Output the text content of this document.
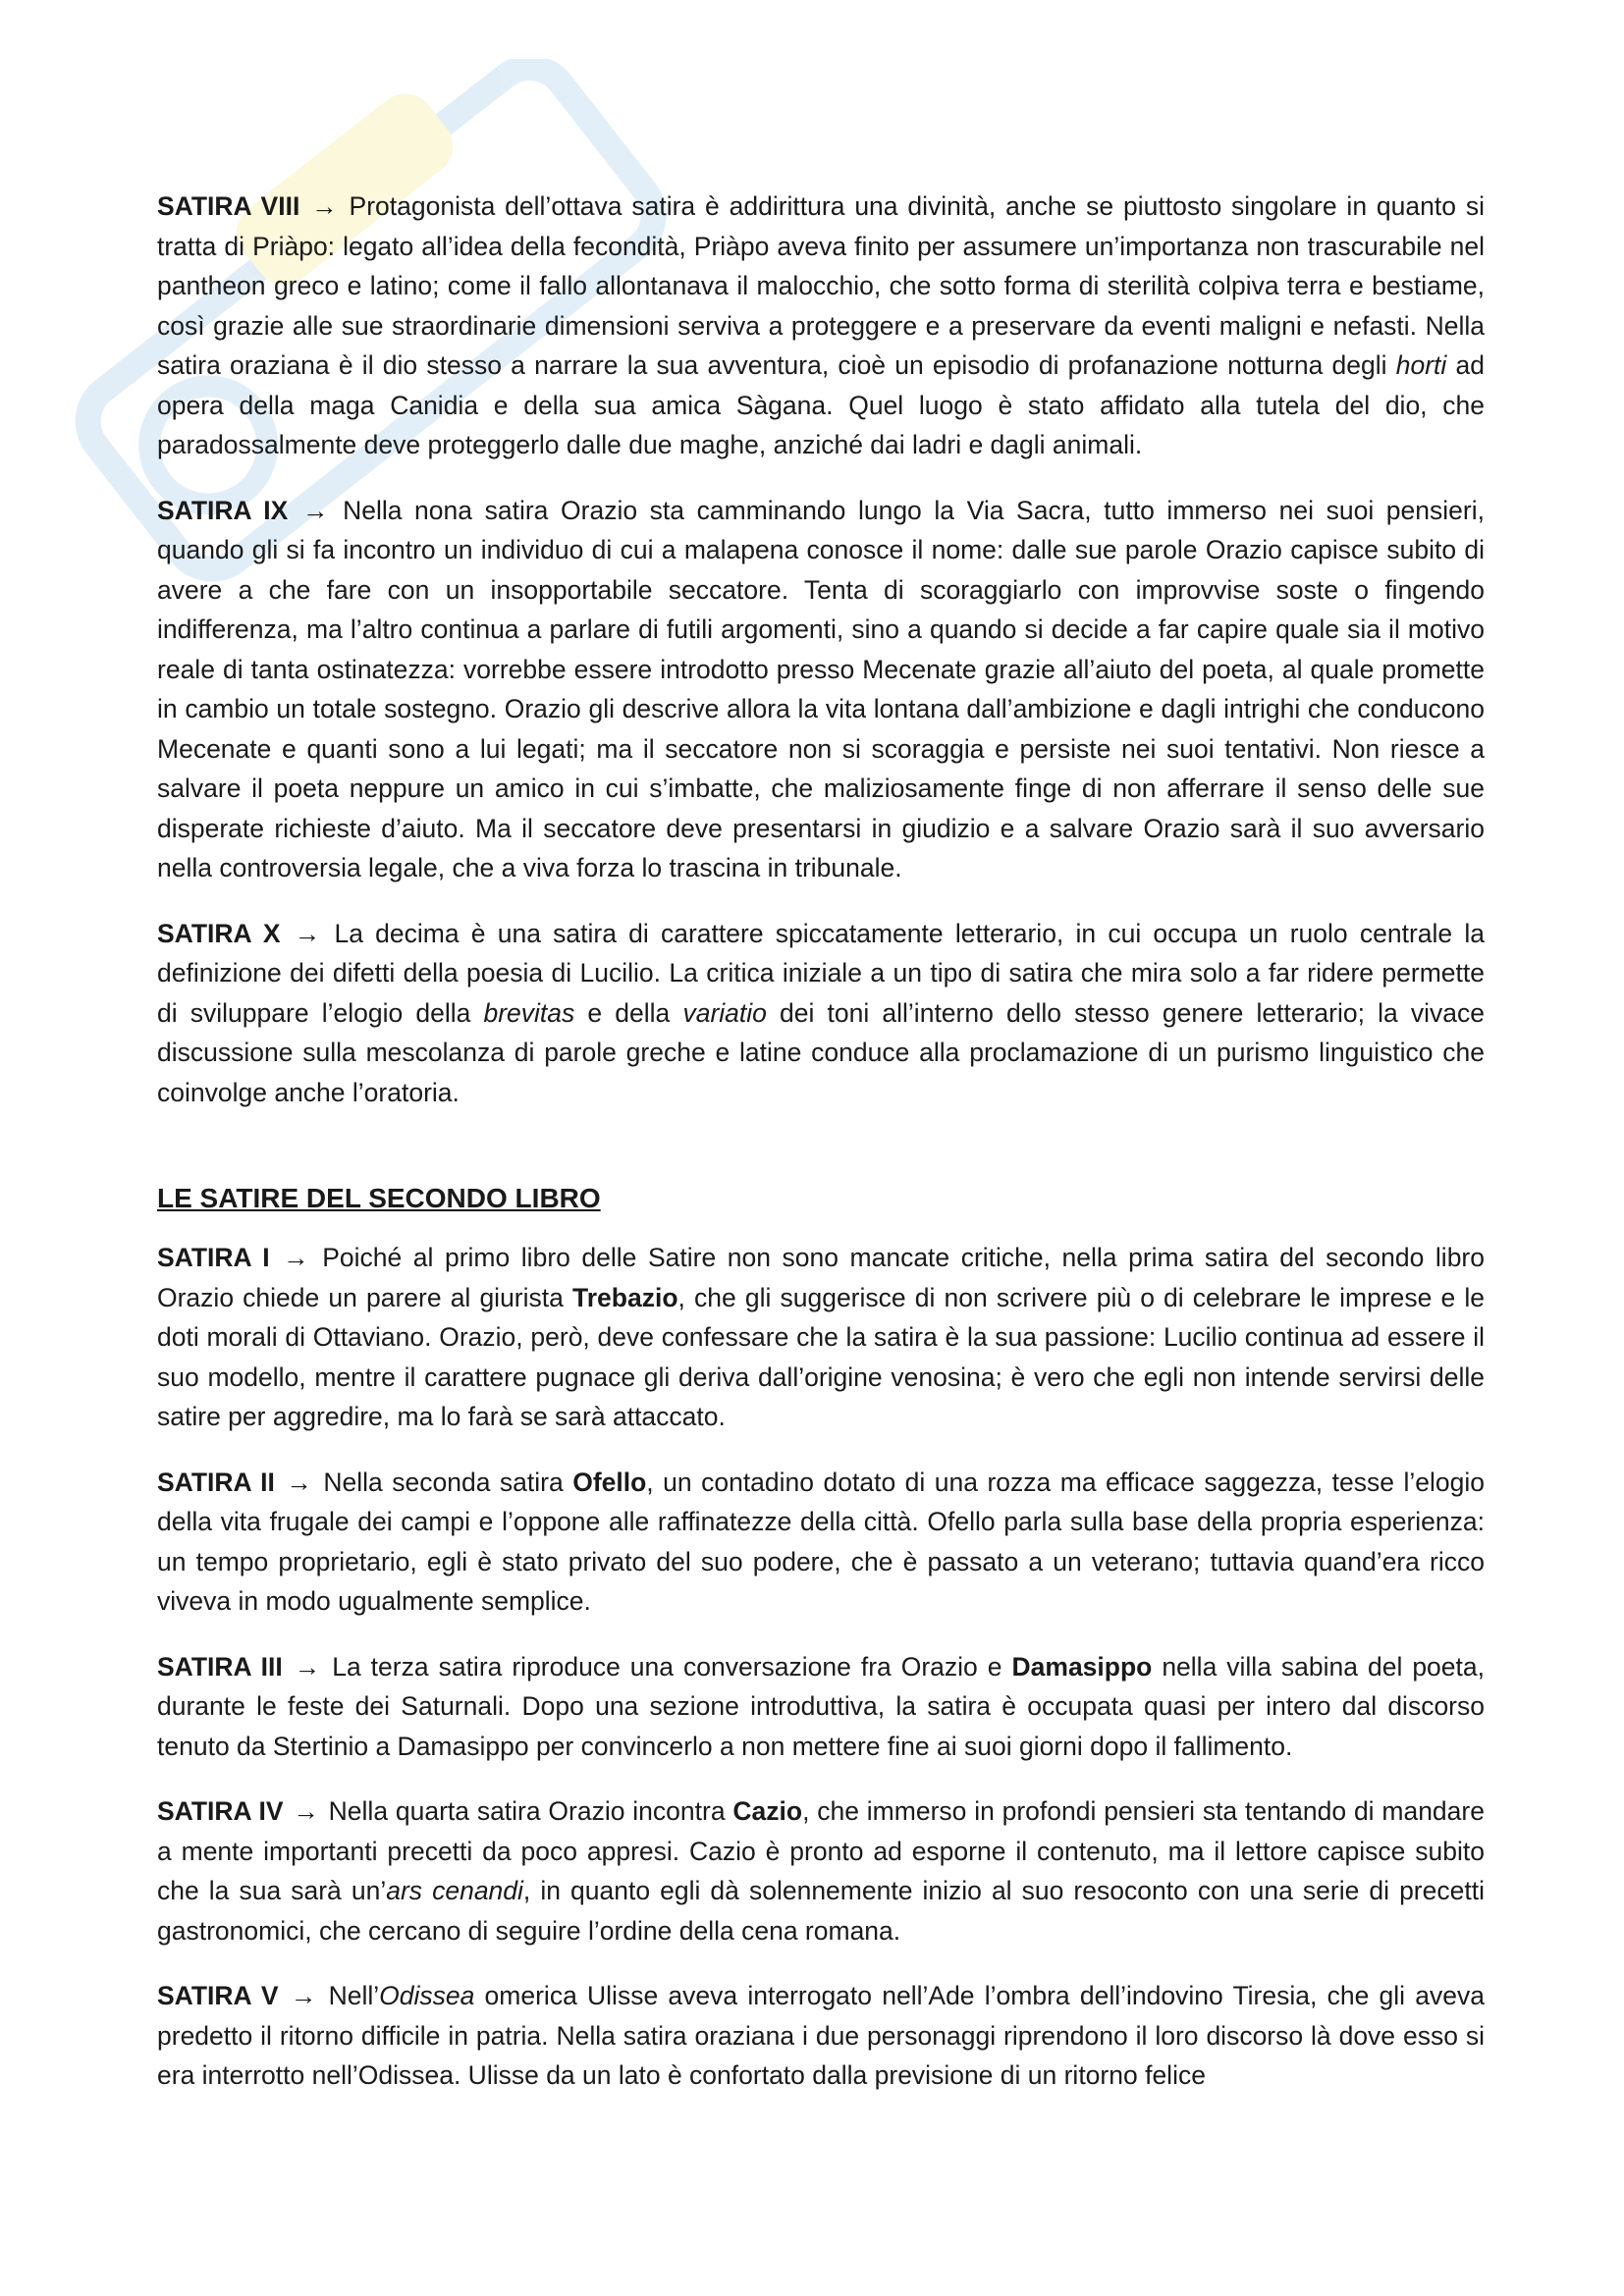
SATIRA VIII → Protagonista dell’ottava satira è addirittura una divinità, anche se piuttosto singolare in quanto si tratta di Priàpo: legato all’idea della fecondità, Priàpo aveva finito per assumere un’importanza non trascurabile nel pantheon greco e latino; come il fallo allontanava il malocchio, che sotto forma di sterilità colpiva terra e bestiame, così grazie alle sue straordinarie dimensioni serviva a proteggere e a preservare da eventi maligni e nefasti. Nella satira oraziana è il dio stesso a narrare la sua avventura, cioè un episodio di profanazione notturna degli horti ad opera della maga Canidia e della sua amica Sàgana. Quel luogo è stato affidato alla tutela del dio, che paradossalmente deve proteggerlo dalle due maghe, anziché dai ladri e dagli animali.

SATIRA IX → Nella nona satira Orazio sta camminando lungo la Via Sacra, tutto immerso nei suoi pensieri, quando gli si fa incontro un individuo di cui a malapena conosce il nome: dalle sue parole Orazio capisce subito di avere a che fare con un insopportabile seccatore. Tenta di scoraggiarlo con improvvise soste o fingendo indifferenza, ma l’altro continua a parlare di futili argomenti, sino a quando si decide a far capire quale sia il motivo reale di tanta ostinatezza: vorrebbe essere introdotto presso Mecenate grazie all’aiuto del poeta, al quale promette in cambio un totale sostegno. Orazio gli descrive allora la vita lontana dall’ambizione e dagli intrighi che conducono Mecenate e quanti sono a lui legati; ma il seccatore non si scoraggia e persiste nei suoi tentativi. Non riesce a salvare il poeta neppure un amico in cui s’imbatte, che maliziosamente finge di non afferrare il senso delle sue disperate richieste d’aiuto. Ma il seccatore deve presentarsi in giudizio e a salvare Orazio sarà il suo avversario nella controversia legale, che a viva forza lo trascina in tribunale.

SATIRA X → La decima è una satira di carattere spiccatamente letterario, in cui occupa un ruolo centrale la definizione dei difetti della poesia di Lucilio. La critica iniziale a un tipo di satira che mira solo a far ridere permette di sviluppare l’elogio della brevitas e della variatio dei toni all’interno dello stesso genere letterario; la vivace discussione sulla mescolanza di parole greche e latine conduce alla proclamazione di un purismo linguistico che coinvolge anche l’oratoria.

LE SATIRE DEL SECONDO LIBRO

SATIRA I → Poiché al primo libro delle Satire non sono mancate critiche, nella prima satira del secondo libro Orazio chiede un parere al giurista Trebazio, che gli suggerisce di non scrivere più o di celebrare le imprese e le doti morali di Ottaviano. Orazio, però, deve confessare che la satira è la sua passione: Lucilio continua ad essere il suo modello, mentre il carattere pugnace gli deriva dall’origine venosina; è vero che egli non intende servirsi delle satire per aggredire, ma lo farà se sarà attaccato.

SATIRA II → Nella seconda satira Ofello, un contadino dotato di una rozza ma efficace saggezza, tesse l’elogio della vita frugale dei campi e l’oppone alle raffinatezze della città. Ofello parla sulla base della propria esperienza: un tempo proprietario, egli è stato privato del suo podere, che è passato a un veterano; tuttavia quand’era ricco viveva in modo ugualmente semplice.

SATIRA III → La terza satira riproduce una conversazione fra Orazio e Damasippo nella villa sabina del poeta, durante le feste dei Saturnali. Dopo una sezione introduttiva, la satira è occupata quasi per intero dal discorso tenuto da Stertinio a Damasippo per convincerlo a non mettere fine ai suoi giorni dopo il fallimento.

SATIRA IV → Nella quarta satira Orazio incontra Cazio, che immerso in profondi pensieri sta tentando di mandare a mente importanti precetti da poco appresi. Cazio è pronto ad esporne il contenuto, ma il lettore capisce subito che la sua sarà un’ars cenandi, in quanto egli dà solennemente inizio al suo resoconto con una serie di precetti gastronomici, che cercano di seguire l’ordine della cena romana.

SATIRA V → Nell’Odissea omerica Ulisse aveva interrogato nell’Ade l’ombra dell’indovino Tiresia, che gli aveva predetto il ritorno difficile in patria. Nella satira oraziana i due personaggi riprendono il loro discorso là dove esso si era interrotto nell’Odissea. Ulisse da un lato è confortato dalla previsione di un ritorno felice
